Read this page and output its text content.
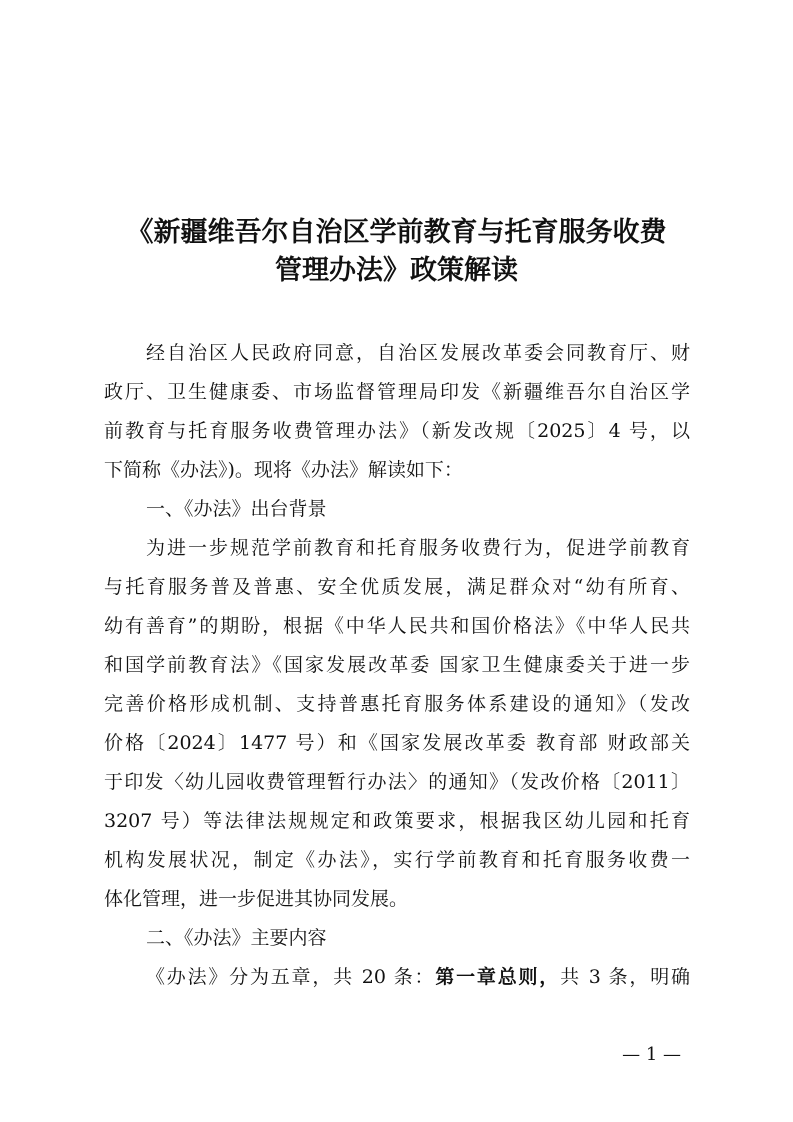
《新疆维吾尔自治区学前教育与托育服务收费
管理办法》政策解读
经自治区人民政府同意，自治区发展改革委会同教育厅、财
政厅、卫生健康委、市场监督管理局印发《新疆维吾尔自治区学
前教育与托育服务收费管理办法》（新发改规〔2025〕4 号，以
下简称《办法》)。现将《办法》解读如下：
一、《办法》出台背景
为进一步规范学前教育和托育服务收费行为，促进学前教育
与托育服务普及普惠、安全优质发展，满足群众对“幼有所育、
幼有善育”的期盼，根据《中华人民共和国价格法》《中华人民共
和国学前教育法》《国家发展改革委 国家卫生健康委关于进一步
完善价格形成机制、支持普惠托育服务体系建设的通知》（发改
价格〔2024〕1477 号）和《国家发展改革委 教育部 财政部关
于印发〈幼儿园收费管理暂行办法〉的通知》（发改价格〔2011〕
3207 号）等法律法规规定和政策要求，根据我区幼儿园和托育
机构发展状况，制定《办法》，实行学前教育和托育服务收费一
体化管理，进一步促进其协同发展。
二、《办法》主要内容
《办法》分为五章，共 20 条：第一章总则，共 3 条，明确
— 1 —
